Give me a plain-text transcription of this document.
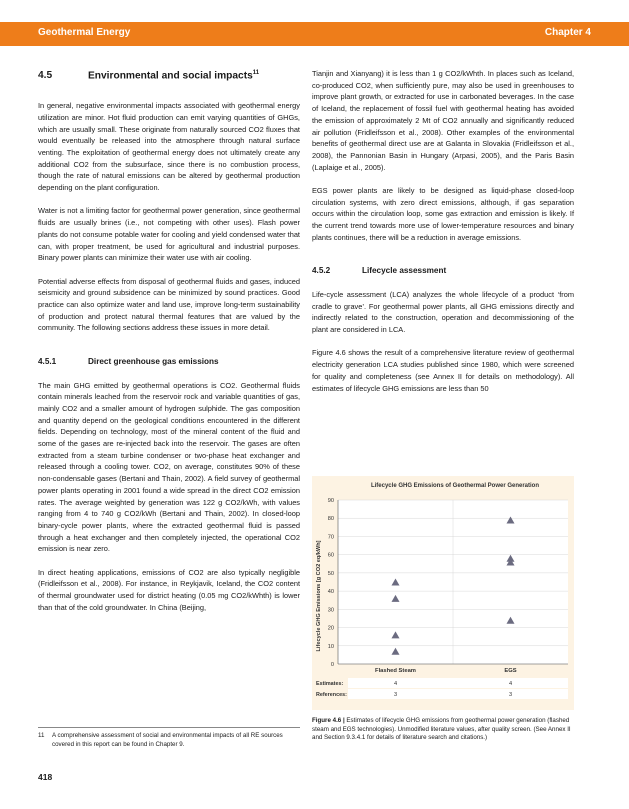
Geothermal Energy	Chapter 4
4.5	Environmental and social impacts$^{11}$

In general, negative environmental impacts associated with geothermal energy utilization are minor. Hot fluid production can emit varying quantities of GHGs, which are usually small. These originate from naturally sourced CO2 fluxes that would eventually be released into the atmosphere through natural surface venting. The exploitation of geothermal energy does not ultimately create any additional CO2 from the subsurface, since there is no combustion process, though the rate of natural emissions can be altered by geothermal production depending on the plant configuration.

Water is not a limiting factor for geothermal power generation, since geothermal fluids are usually brines (i.e., not competing with other uses). Flash power plants do not consume potable water for cooling and yield condensed water that can, with proper treatment, be used for agricultural and industrial purposes. Binary power plants can minimize their water use with air cooling.

Potential adverse effects from disposal of geothermal fluids and gases, induced seismicity and ground subsidence can be minimized by sound practices. Good practice can also optimize water and land use, improve long-term sustainability of production and protect natural thermal features that are valued by the community. The following sections address these issues in more detail.

4.5.1	Direct greenhouse gas emissions

The main GHG emitted by geothermal operations is CO2. Geothermal fluids contain minerals leached from the reservoir rock and variable quantities of gas, mainly CO2 and a smaller amount of hydrogen sulphide. The gas composition and quantity depend on the geological conditions encountered in the different fields. Depending on technology, most of the mineral content of the fluid and some of the gases are re-injected back into the reservoir. The gases are often extracted from a steam turbine condenser or two-phase heat exchanger and released through a cooling tower. CO2, on average, constitutes 90% of these non-condensable gases (Bertani and Thain, 2002). A field survey of geothermal power plants operating in 2001 found a wide spread in the direct CO2 emission rates. The average weighted by generation was 122 g CO2/kWh, with values ranging from 4 to 740 g CO2/kWh (Bertani and Thain, 2002). In closed-loop binary-cycle power plants, where the extracted geothermal fluid is passed through a heat exchanger and then completely injected, the operational CO2 emission is near zero.

In direct heating applications, emissions of CO2 are also typically negligible (Fridleifsson et al., 2008). For instance, in Reykjavik, Iceland, the CO2 content of thermal groundwater used for district heating (0.05 mg CO2/kWhth) is lower than that of the cold groundwater. In China (Beijing,

Tianjin and Xianyang) it is less than 1 g CO2/kWhth. In places such as Iceland, co-produced CO2, when sufficiently pure, may also be used in greenhouses to improve plant growth, or extracted for use in carbonated beverages. In the case of Iceland, the replacement of fossil fuel with geothermal heating has avoided the emission of approximately 2 Mt of CO2 annually and significantly reduced air pollution (Fridleifsson et al., 2008). Other examples of the environmental benefits of geothermal direct use are at Galanta in Slovakia (Fridleifsson et al., 2008), the Pannonian Basin in Hungary (Arpasi, 2005), and the Paris Basin (Laplaige et al., 2005).

EGS power plants are likely to be designed as liquid-phase closed-loop circulation systems, with zero direct emissions, although, if gas separation occurs within the circulation loop, some gas extraction and emission is likely. If the current trend towards more use of lower-temperature resources and binary plants continues, there will be a reduction in average emissions.

4.5.2	Lifecycle assessment

Life-cycle assessment (LCA) analyzes the whole lifecycle of a product ‘from cradle to grave’. For geothermal power plants, all GHG emissions directly and indirectly related to the construction, operation and decommissioning of the plant are considered in LCA.

Figure 4.6 shows the result of a comprehensive literature review of geothermal electricity generation LCA studies published since 1980, which were screened for quality and completeness (see Annex II for details on methodology). All estimates of lifecycle GHG emissions are less than 50

Lifecycle GHG Emissions of Geothermal Power Generation
Lifecycle GHG Emissions [g CO2 eq/kWh]
0
10
20
30
40
50
60
70
80
90
Flashed Steam	EGS
Estimates:	4	4
References:	3	3
Figure 4.6 | Estimates of lifecycle GHG emissions from geothermal power generation (flashed steam and EGS technologies). Unmodified literature values, after quality screen. (See Annex II and Section 9.3.4.1 for details of literature search and citations.)
11 A comprehensive assessment of social and environmental impacts of all RE sources covered in this report can be found in Chapter 9.
418
